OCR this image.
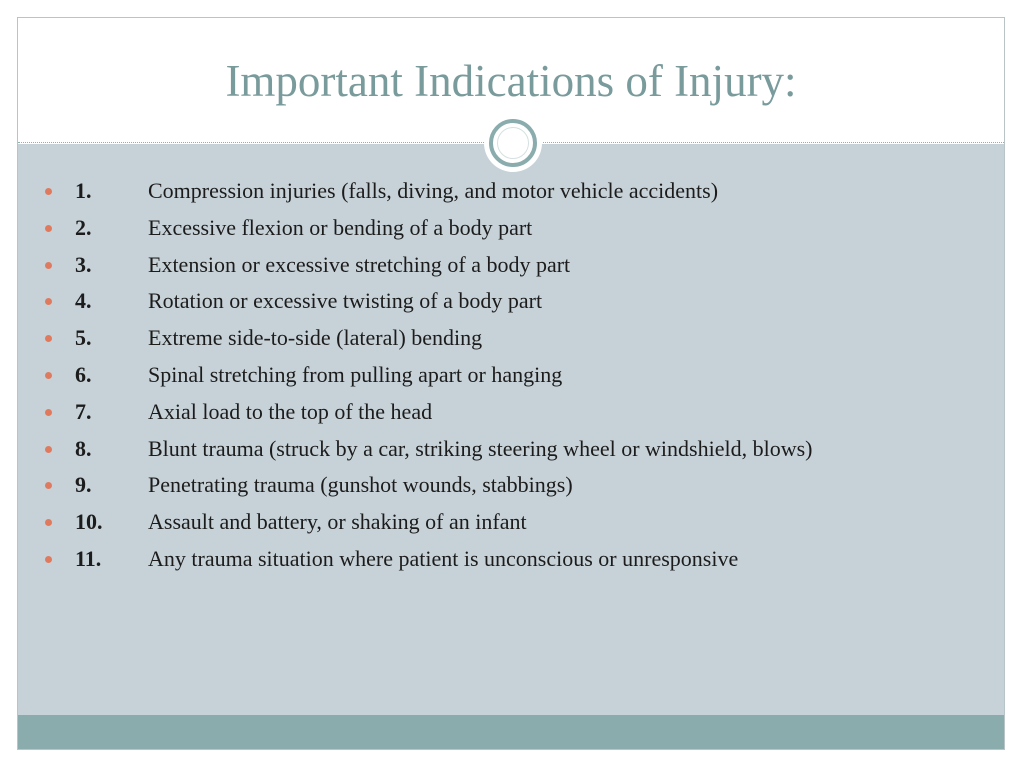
Important Indications of Injury:
1.	Compression injuries (falls, diving, and motor vehicle accidents)
2.	Excessive flexion or bending of a body part
3.	Extension or excessive stretching of a body part
4.	Rotation or excessive twisting of a body part
5.	Extreme side-to-side (lateral) bending
6.	Spinal stretching from pulling apart or hanging
7.	Axial load to the top of the head
8.	Blunt trauma (struck by a car, striking steering wheel or windshield, blows)
9.	Penetrating trauma (gunshot wounds, stabbings)
10. Assault and battery, or shaking of an infant
11. Any trauma situation where patient is unconscious or unresponsive
